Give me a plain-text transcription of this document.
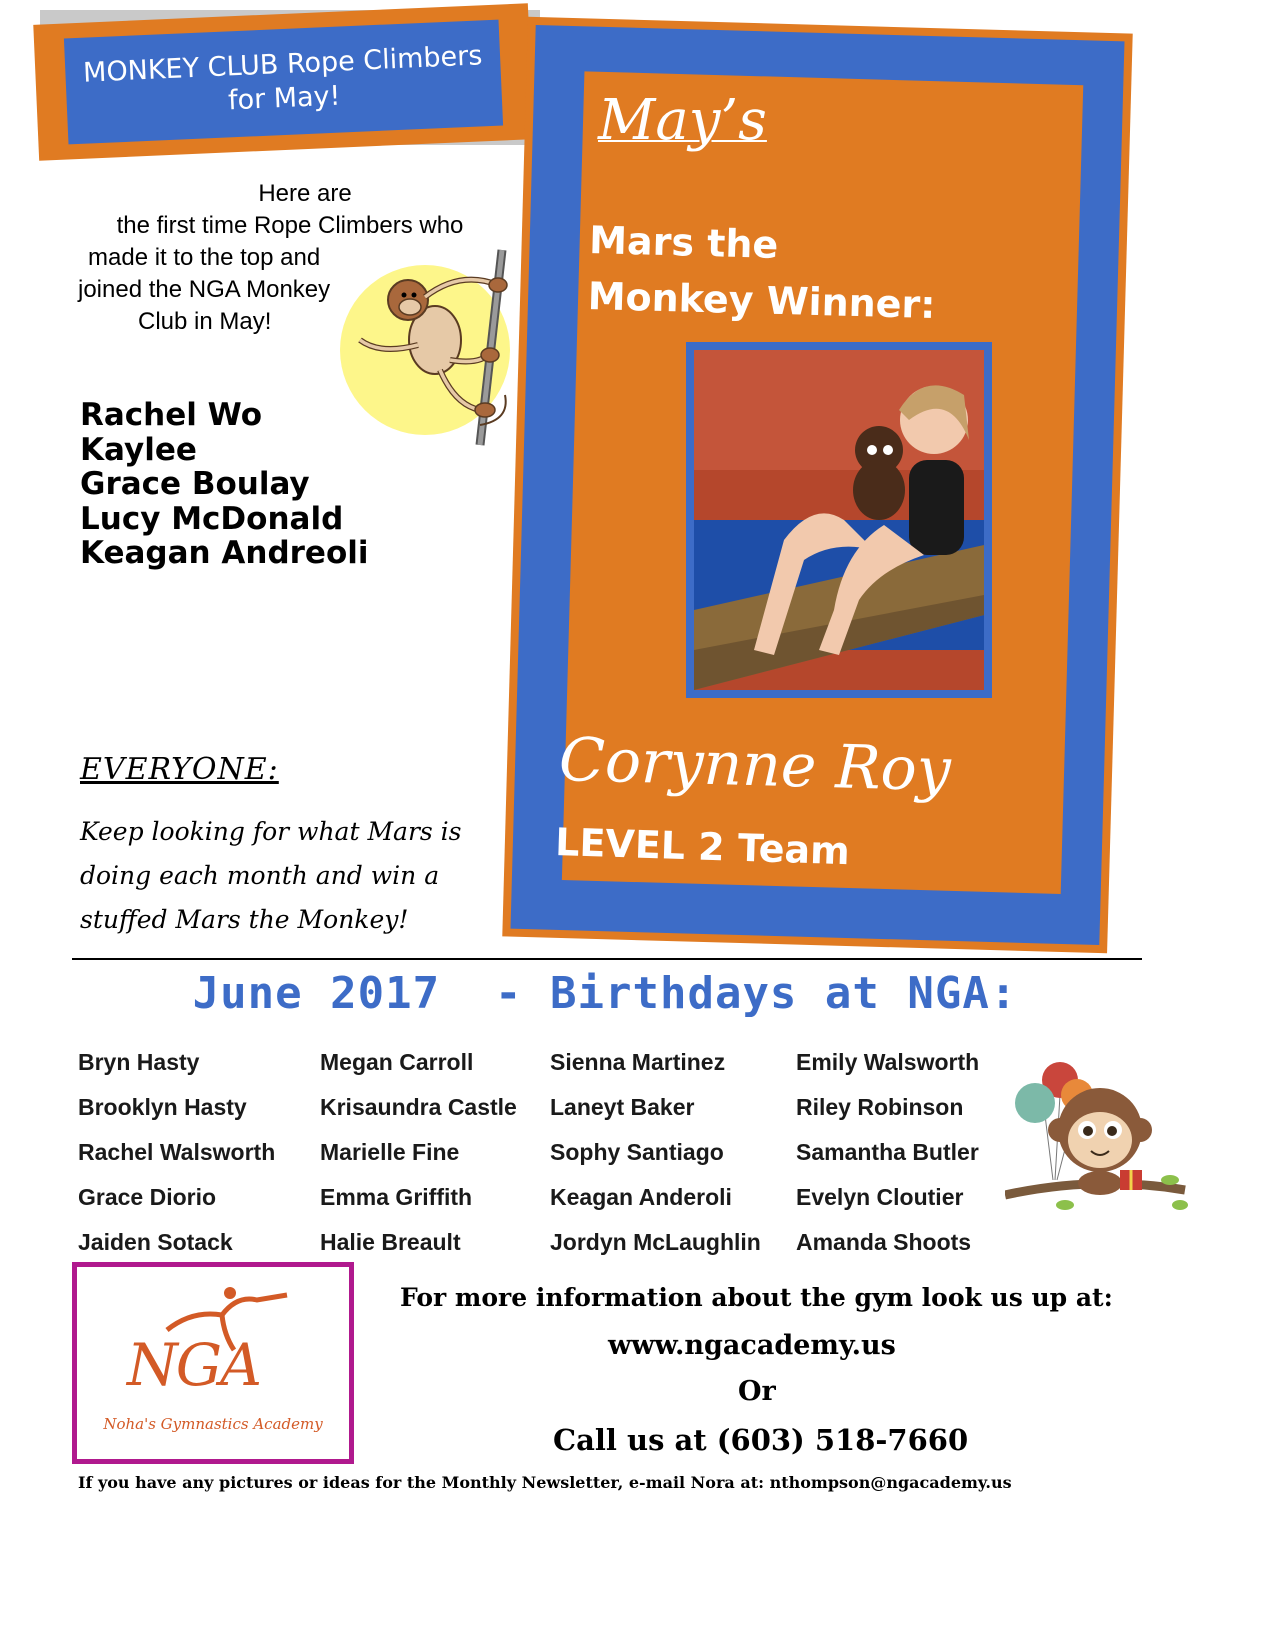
MONKEY CLUB Rope Climbers for May!
Here are
the first time Rope Climbers who
made it to the top and
joined the NGA Monkey
Club in May!
Rachel Wo
Kaylee
Grace Boulay
Lucy McDonald
Keagan Andreoli
EVERYONE:
Keep looking for what Mars is doing each month and win a stuffed Mars the Monkey!
May’s
Mars the
Monkey Winner:
Corynne Roy
LEVEL 2 Team
June 2017  - Birthdays at NGA:
Bryn Hasty
Brooklyn Hasty
Rachel Walsworth
Grace Diorio
Jaiden Sotack
Megan Carroll
Krisaundra Castle
Marielle Fine
Emma Griffith
Halie Breault
Sienna Martinez
Laneyt Baker
Sophy Santiago
Keagan Anderoli
Jordyn McLaughlin
Emily Walsworth
Riley Robinson
Samantha Butler
Evelyn Cloutier
Amanda Shoots
NGA
Noha's Gymnastics Academy
For more information about the gym look us up at:
www.ngacademy.us
Or
Call us at (603) 518-7660
If you have any pictures or ideas for the Monthly Newsletter, e-mail Nora at: nthompson@ngacademy.us
